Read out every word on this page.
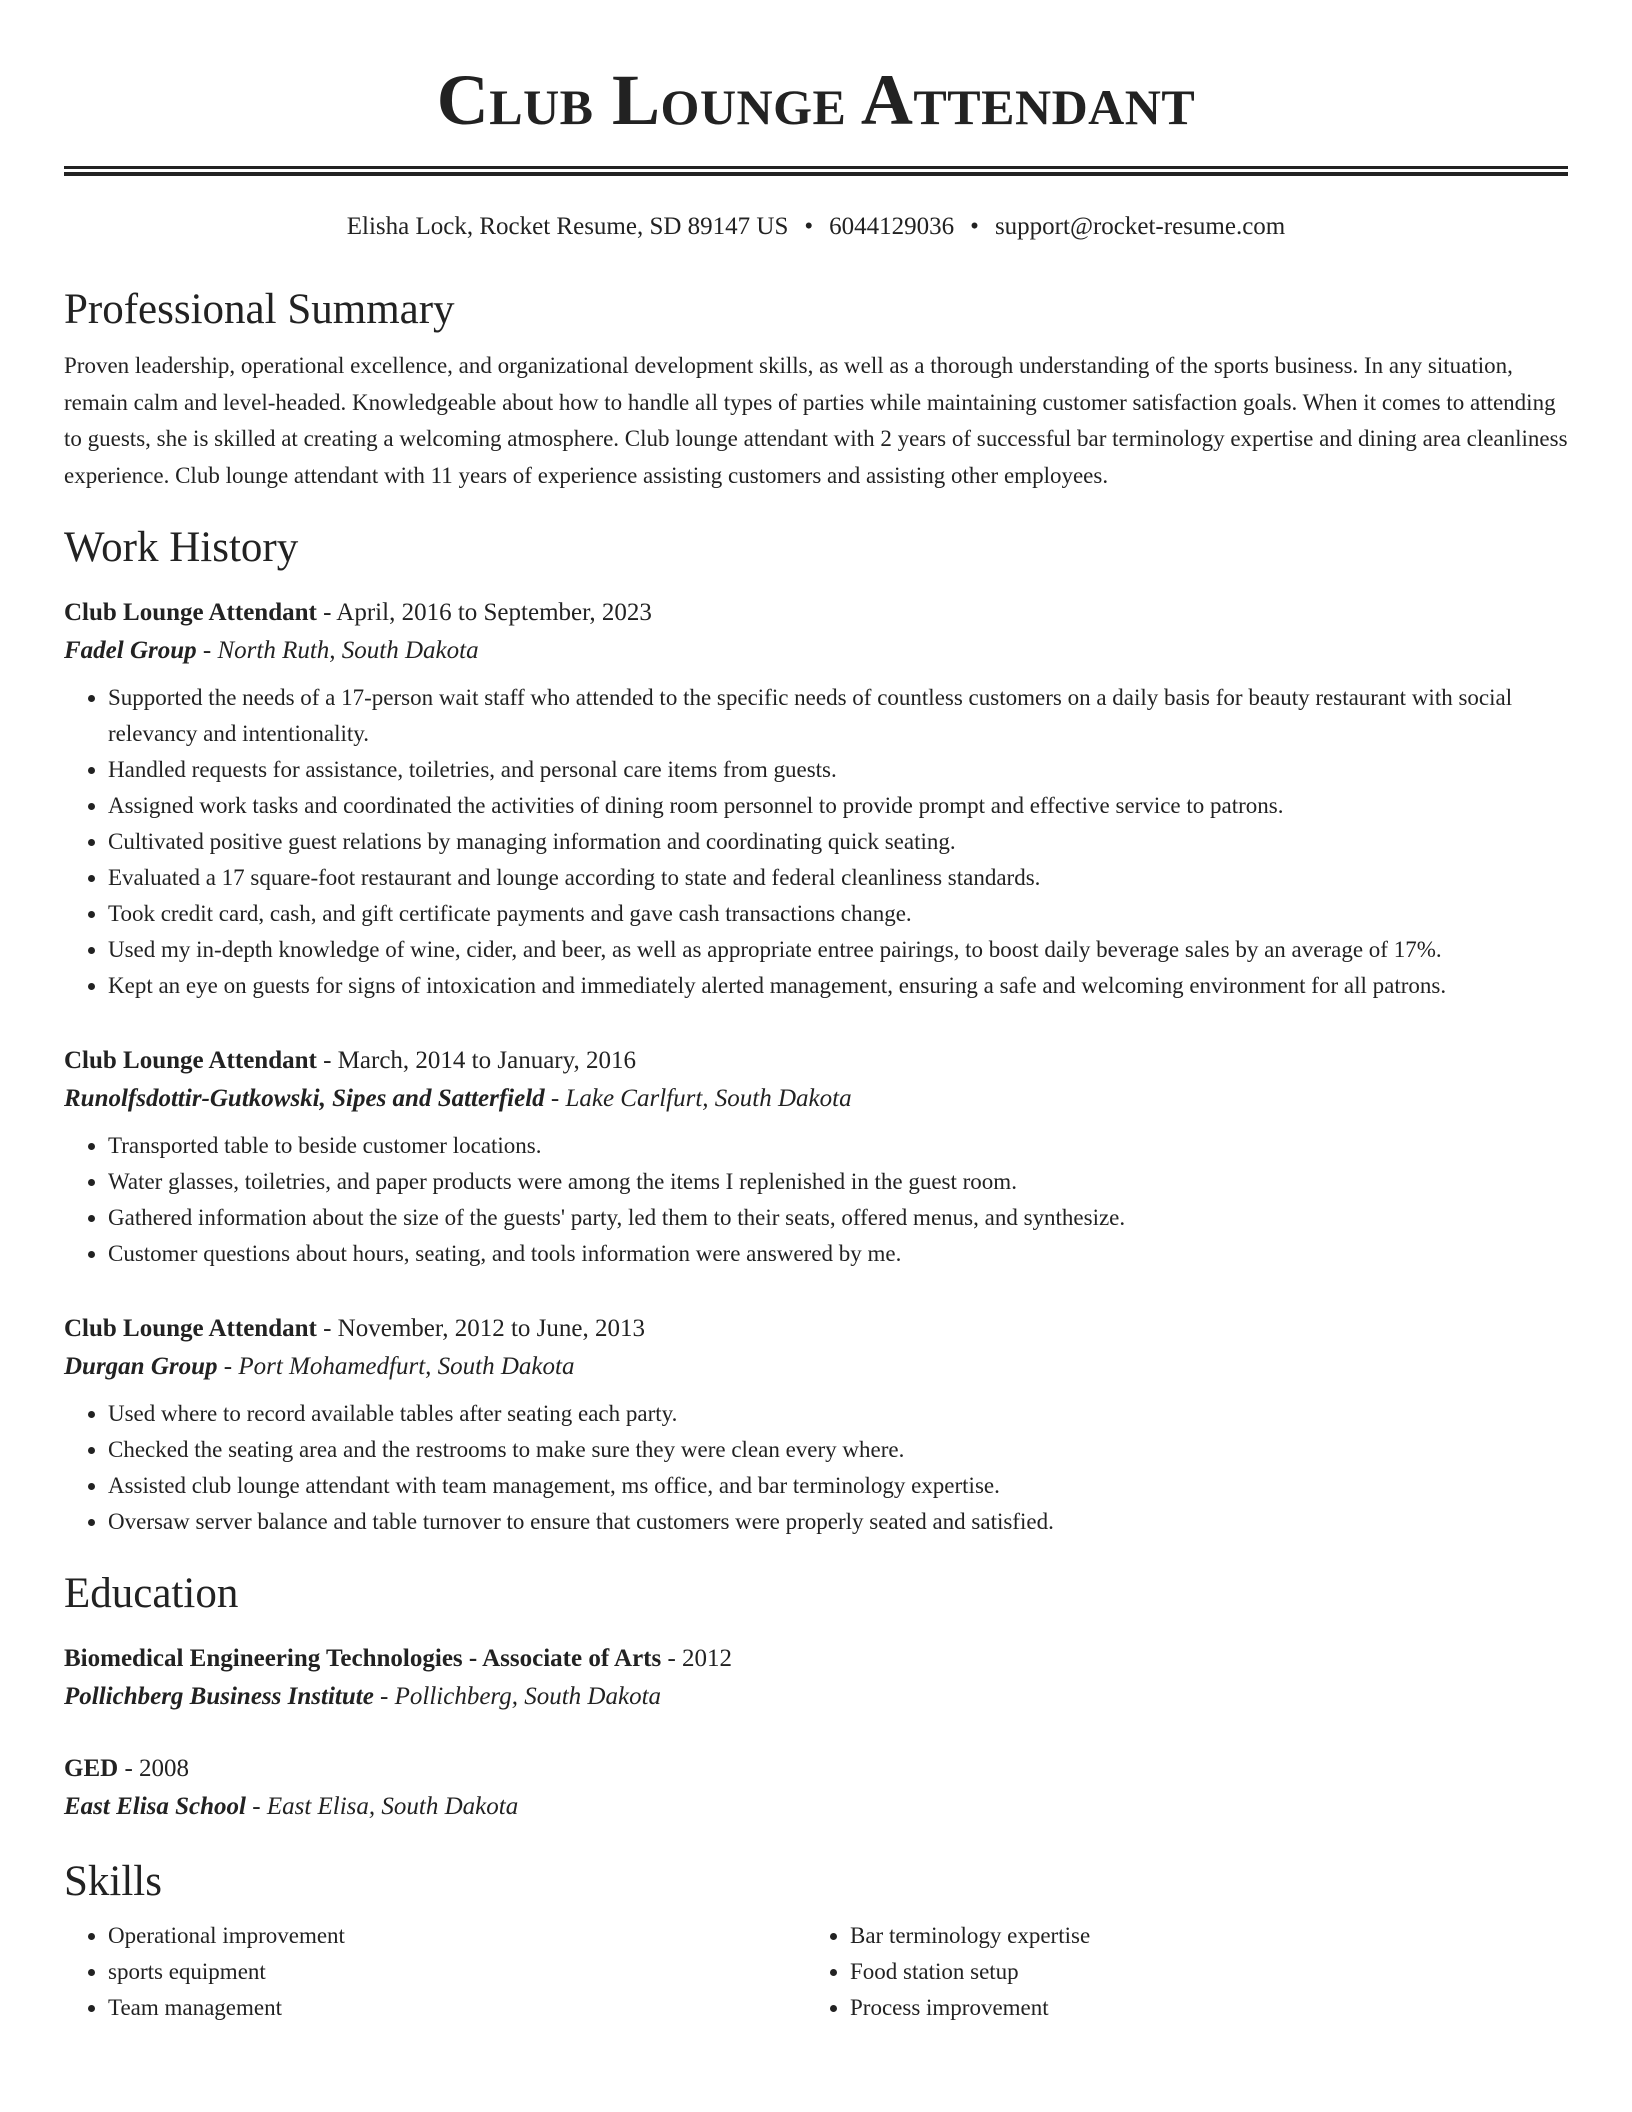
Club Lounge Attendant
Elisha Lock, Rocket Resume, SD 89147 US • 6044129036 • support@rocket-resume.com
Professional Summary

Proven leadership, operational excellence, and organizational development skills, as well as a thorough understanding of the sports business. In any situation, remain calm and level-headed. Knowledgeable about how to handle all types of parties while maintaining customer satisfaction goals. When it comes to attending to guests, she is skilled at creating a welcoming atmosphere. Club lounge attendant with 2 years of successful bar terminology expertise and dining area cleanliness experience. Club lounge attendant with 11 years of experience assisting customers and assisting other employees.

Work History
Club Lounge Attendant - April, 2016 to September, 2023
Fadel Group - North Ruth, South Dakota
• Supported the needs of a 17-person wait staff who attended to the specific needs of countless customers on a daily basis for beauty restaurant with social relevancy and intentionality.
• Handled requests for assistance, toiletries, and personal care items from guests.
• Assigned work tasks and coordinated the activities of dining room personnel to provide prompt and effective service to patrons.
• Cultivated positive guest relations by managing information and coordinating quick seating.
• Evaluated a 17 square-foot restaurant and lounge according to state and federal cleanliness standards.
• Took credit card, cash, and gift certificate payments and gave cash transactions change.
• Used my in-depth knowledge of wine, cider, and beer, as well as appropriate entree pairings, to boost daily beverage sales by an average of 17%.
• Kept an eye on guests for signs of intoxication and immediately alerted management, ensuring a safe and welcoming environment for all patrons.
Club Lounge Attendant - March, 2014 to January, 2016
Runolfsdottir-Gutkowski, Sipes and Satterfield - Lake Carlfurt, South Dakota
• Transported table to beside customer locations.
• Water glasses, toiletries, and paper products were among the items I replenished in the guest room.
• Gathered information about the size of the guests' party, led them to their seats, offered menus, and synthesize.
• Customer questions about hours, seating, and tools information were answered by me.
Club Lounge Attendant - November, 2012 to June, 2013
Durgan Group - Port Mohamedfurt, South Dakota
• Used where to record available tables after seating each party.
• Checked the seating area and the restrooms to make sure they were clean every where.
• Assisted club lounge attendant with team management, ms office, and bar terminology expertise.
• Oversaw server balance and table turnover to ensure that customers were properly seated and satisfied.
Education
Biomedical Engineering Technologies - Associate of Arts - 2012
Pollichberg Business Institute - Pollichberg, South Dakota
GED - 2008
East Elisa School - East Elisa, South Dakota
Skills
• Operational improvement
• sports equipment
• Team management
• Bar terminology expertise
• Food station setup
• Process improvement
